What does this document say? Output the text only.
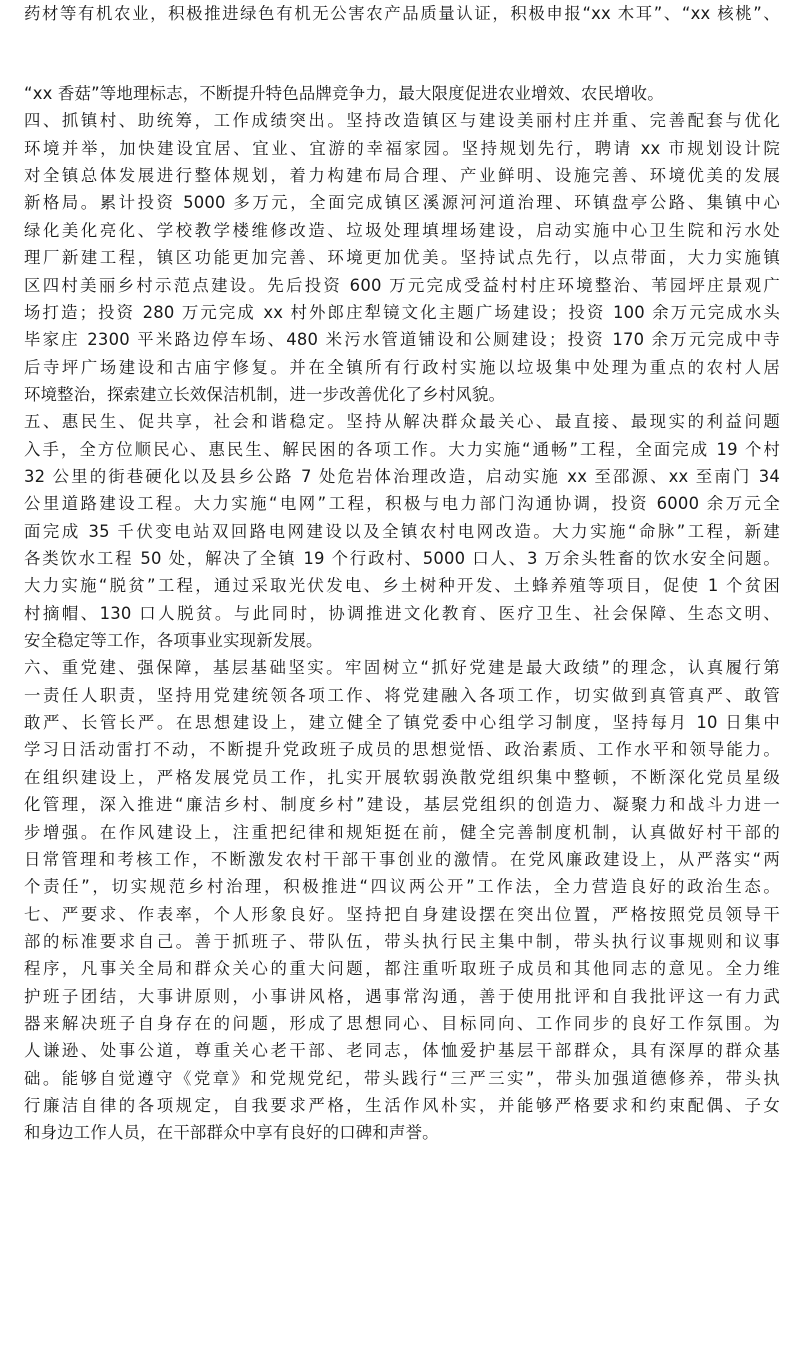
药材等有机农业，积极推进绿色有机无公害农产品质量认证，积极申报“xx 木耳”、“xx 核桃”、
“xx 香菇”等地理标志，不断提升特色品牌竞争力，最大限度促进农业增效、农民增收。
四、抓镇村、助统筹，工作成绩突出。坚持改造镇区与建设美丽村庄并重、完善配套与优化
环境并举，加快建设宜居、宜业、宜游的幸福家园。坚持规划先行，聘请 xx 市规划设计院
对全镇总体发展进行整体规划，着力构建布局合理、产业鲜明、设施完善、环境优美的发展
新格局。累计投资 5000 多万元，全面完成镇区溪源河河道治理、环镇盘亭公路、集镇中心
绿化美化亮化、学校教学楼维修改造、垃圾处理填埋场建设，启动实施中心卫生院和污水处
理厂新建工程，镇区功能更加完善、环境更加优美。坚持试点先行，以点带面，大力实施镇
区四村美丽乡村示范点建设。先后投资 600 万元完成受益村村庄环境整治、苇园坪庄景观广
场打造；投资 280 万元完成 xx 村外郎庄犁镜文化主题广场建设；投资 100 余万元完成水头
毕家庄 2300 平米路边停车场、480 米污水管道铺设和公厕建设；投资 170 余万元完成中寺
后寺坪广场建设和古庙宇修复。并在全镇所有行政村实施以垃圾集中处理为重点的农村人居
环境整治，探索建立长效保洁机制，进一步改善优化了乡村风貌。
五、惠民生、促共享，社会和谐稳定。坚持从解决群众最关心、最直接、最现实的利益问题
入手，全方位顺民心、惠民生、解民困的各项工作。大力实施“通畅”工程，全面完成 19 个村
32 公里的街巷硬化以及县乡公路 7 处危岩体治理改造，启动实施 xx 至邵源、xx 至南门 34
公里道路建设工程。大力实施“电网”工程，积极与电力部门沟通协调，投资 6000 余万元全
面完成 35 千伏变电站双回路电网建设以及全镇农村电网改造。大力实施“命脉”工程，新建
各类饮水工程 50 处，解决了全镇 19 个行政村、5000 口人、3 万余头牲畜的饮水安全问题。
大力实施“脱贫”工程，通过采取光伏发电、乡土树种开发、土蜂养殖等项目，促使 1 个贫困
村摘帽、130 口人脱贫。与此同时，协调推进文化教育、医疗卫生、社会保障、生态文明、
安全稳定等工作，各项事业实现新发展。
六、重党建、强保障，基层基础坚实。牢固树立“抓好党建是最大政绩”的理念，认真履行第
一责任人职责，坚持用党建统领各项工作、将党建融入各项工作，切实做到真管真严、敢管
敢严、长管长严。在思想建设上，建立健全了镇党委中心组学习制度，坚持每月 10 日集中
学习日活动雷打不动，不断提升党政班子成员的思想觉悟、政治素质、工作水平和领导能力。
在组织建设上，严格发展党员工作，扎实开展软弱涣散党组织集中整顿，不断深化党员星级
化管理，深入推进“廉洁乡村、制度乡村”建设，基层党组织的创造力、凝聚力和战斗力进一
步增强。在作风建设上，注重把纪律和规矩挺在前，健全完善制度机制，认真做好村干部的
日常管理和考核工作，不断激发农村干部干事创业的激情。在党风廉政建设上，从严落实“两
个责任”，切实规范乡村治理，积极推进“四议两公开”工作法，全力营造良好的政治生态。
七、严要求、作表率，个人形象良好。坚持把自身建设摆在突出位置，严格按照党员领导干
部的标准要求自己。善于抓班子、带队伍，带头执行民主集中制，带头执行议事规则和议事
程序，凡事关全局和群众关心的重大问题，都注重听取班子成员和其他同志的意见。全力维
护班子团结，大事讲原则，小事讲风格，遇事常沟通，善于使用批评和自我批评这一有力武
器来解决班子自身存在的问题，形成了思想同心、目标同向、工作同步的良好工作氛围。为
人谦逊、处事公道，尊重关心老干部、老同志，体恤爱护基层干部群众，具有深厚的群众基
础。能够自觉遵守《党章》和党规党纪，带头践行“三严三实”，带头加强道德修养，带头执
行廉洁自律的各项规定，自我要求严格，生活作风朴实，并能够严格要求和约束配偶、子女
和身边工作人员，在干部群众中享有良好的口碑和声誉。
